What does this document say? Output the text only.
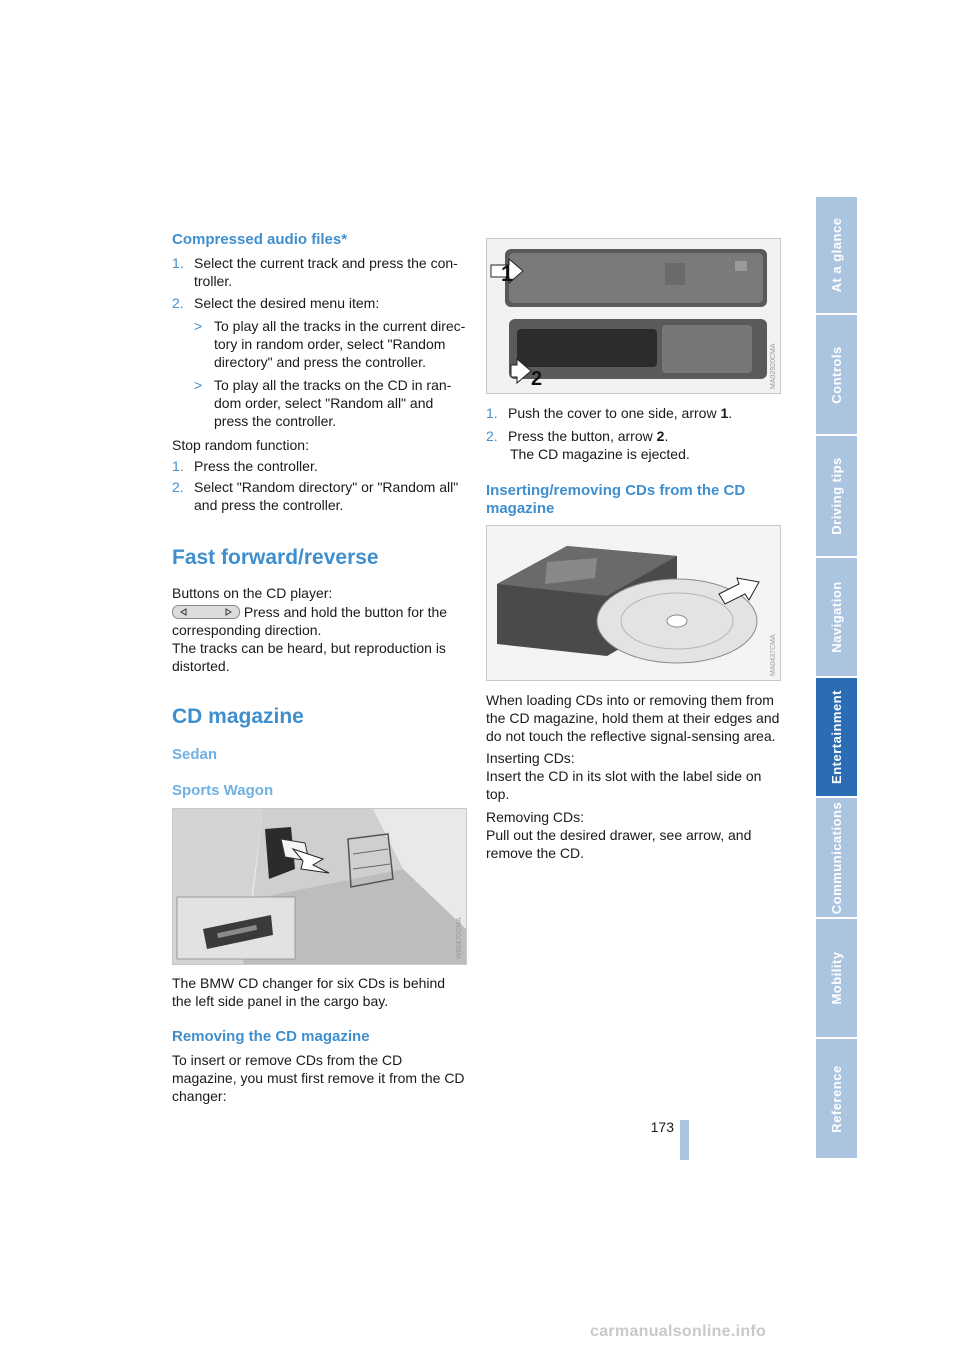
Compressed audio files*
1. Select the current track and press the con-troller.
2. Select the desired menu item:
> To play all the tracks in the current direc-tory in random order, select "Random directory" and press the controller.
> To play all the tracks on the CD in ran-dom order, select "Random all" and press the controller.
Stop random function:
1. Press the controller.
2. Select "Random directory" or "Random all" and press the controller.
Fast forward/reverse
Buttons on the CD player:
Press and hold the button for the
corresponding direction.
The tracks can be heard, but reproduction is distorted.
CD magazine
Sedan
Sports Wagon
W60470CMA
The BMW CD changer for six CDs is behind the left side panel in the cargo bay.
Removing the CD magazine
To insert or remove CDs from the CD magazine, you must first remove it from the CD changer:
1
2	MA02920CMA
1. Push the cover to one side, arrow 1.
2. Press the button, arrow 2.
The CD magazine is ejected.
Inserting/removing CDs from the CD magazine
MA0437CMA
When loading CDs into or removing them from the CD magazine, hold them at their edges and do not touch the reflective signal-sensing area.
Inserting CDs:
Insert the CD in its slot with the label side on top.
Removing CDs:
Pull out the desired drawer, see arrow, and remove the CD.
At a glance
Controls
Driving tips
Navigation
Entertainment
Communications
Mobility
Reference
173
carmanualsonline.info
